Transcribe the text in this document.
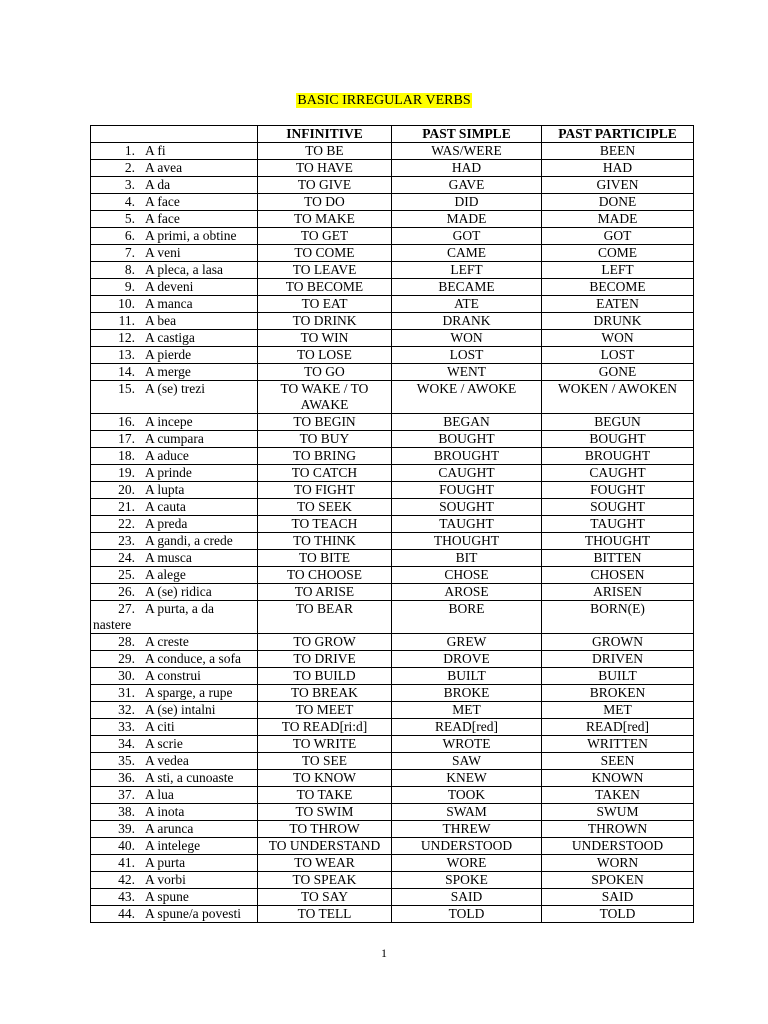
BASIC IRREGULAR VERBS
	INFINITIVE	PAST SIMPLE	PAST PARTICIPLE
1. A fi	TO BE	WAS/WERE	BEEN
2. A avea	TO HAVE	HAD	HAD
3. A da	TO GIVE	GAVE	GIVEN
4. A face	TO DO	DID	DONE
5. A face	TO MAKE	MADE	MADE
6. A primi, a obtine	TO GET	GOT	GOT
7. A veni	TO COME	CAME	COME
8. A pleca, a lasa	TO LEAVE	LEFT	LEFT
9. A deveni	TO BECOME	BECAME	BECOME
10. A manca	TO EAT	ATE	EATEN
11. A bea	TO DRINK	DRANK	DRUNK
12. A castiga	TO WIN	WON	WON
13. A pierde	TO LOSE	LOST	LOST
14. A merge	TO GO	WENT	GONE
15. A (se) trezi	TO WAKE / TO AWAKE	WOKE / AWOKE	WOKEN / AWOKEN
16. A incepe	TO BEGIN	BEGAN	BEGUN
17. A cumpara	TO BUY	BOUGHT	BOUGHT
18. A aduce	TO BRING	BROUGHT	BROUGHT
19. A prinde	TO CATCH	CAUGHT	CAUGHT
20. A lupta	TO FIGHT	FOUGHT	FOUGHT
21. A cauta	TO SEEK	SOUGHT	SOUGHT
22. A preda	TO TEACH	TAUGHT	TAUGHT
23. A gandi, a crede	TO THINK	THOUGHT	THOUGHT
24. A musca	TO BITE	BIT	BITTEN
25. A alege	TO CHOOSE	CHOSE	CHOSEN
26. A (se) ridica	TO ARISE	AROSE	ARISEN
27. A purta, a da nastere	TO BEAR	BORE	BORN(E)
28. A creste	TO GROW	GREW	GROWN
29. A conduce, a sofa	TO DRIVE	DROVE	DRIVEN
30. A construi	TO BUILD	BUILT	BUILT
31. A sparge, a rupe	TO BREAK	BROKE	BROKEN
32. A (se) intalni	TO MEET	MET	MET
33. A citi	TO READ[ri:d]	READ[red]	READ[red]
34. A scrie	TO WRITE	WROTE	WRITTEN
35. A vedea	TO SEE	SAW	SEEN
36. A sti, a cunoaste	TO KNOW	KNEW	KNOWN
37. A lua	TO TAKE	TOOK	TAKEN
38. A inota	TO SWIM	SWAM	SWUM
39. A arunca	TO THROW	THREW	THROWN
40. A intelege	TO UNDERSTAND	UNDERSTOOD	UNDERSTOOD
41. A purta	TO WEAR	WORE	WORN
42. A vorbi	TO SPEAK	SPOKE	SPOKEN
43. A spune	TO SAY	SAID	SAID
44. A spune/a povesti	TO TELL	TOLD	TOLD
1
